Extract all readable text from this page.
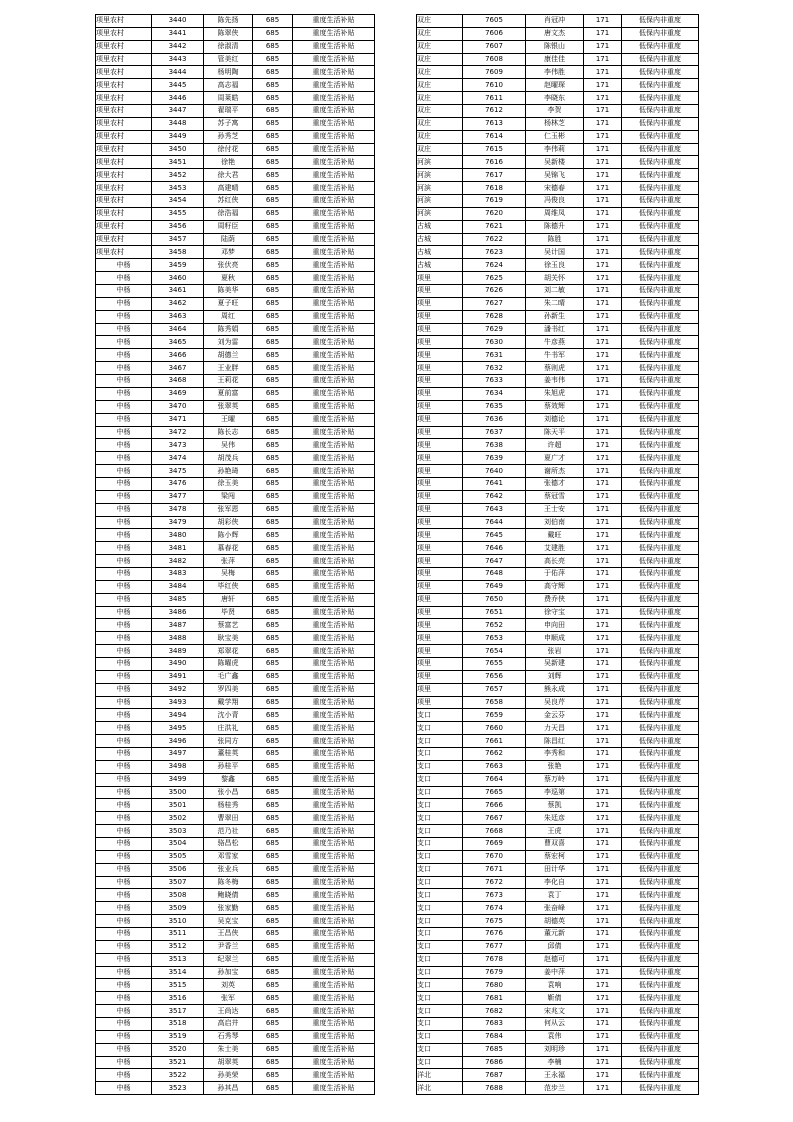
项里农村	3440	陈先扬	685	重度生活补贴
项里农村	3441	陈翠侠	685	重度生活补贴
项里农村	3442	徐淑清	685	重度生活补贴
项里农村	3443	管美红	685	重度生活补贴
项里农村	3444	杨明陶	685	重度生活补贴
项里农村	3445	高志福	685	重度生活补贴
项里农村	3446	周莱皓	685	重度生活补贴
项里农村	3447	翟瑞平	685	重度生活补贴
项里农村	3448	苏子寓	685	重度生活补贴
项里农村	3449	孙秀芝	685	重度生活补贴
项里农村	3450	徐付花	685	重度生活补贴
项里农村	3451	徐艳	685	重度生活补贴
项里农村	3452	徐大君	685	重度生活补贴
项里农村	3453	高建晴	685	重度生活补贴
项里农村	3454	苏红侠	685	重度生活补贴
项里农村	3455	徐浩福	685	重度生活补贴
项里农村	3456	周籽臣	685	重度生活补贴
项里农村	3457	陆荫	685	重度生活补贴
项里农村	3458	邓梦	685	重度生活补贴
中杨	3459	张伏亮	685	重度生活补贴
中杨	3460	夏秋	685	重度生活补贴
中杨	3461	陈美华	685	重度生活补贴
中杨	3462	夏子旺	685	重度生活补贴
中杨	3463	周红	685	重度生活补贴
中杨	3464	陈秀娟	685	重度生活补贴
中杨	3465	刘为雷	685	重度生活补贴
中杨	3466	胡德兰	685	重度生活补贴
中杨	3467	王业胖	685	重度生活补贴
中杨	3468	王莉花	685	重度生活补贴
中杨	3469	夏前富	685	重度生活补贴
中杨	3470	张翠英	685	重度生活补贴
中杨	3471	王曜	685	重度生活补贴
中杨	3472	陈长志	685	重度生活补贴
中杨	3473	吴伟	685	重度生活补贴
中杨	3474	胡茂兵	685	重度生活补贴
中杨	3475	孙艳琦	685	重度生活补贴
中杨	3476	徐玉美	685	重度生活补贴
中杨	3477	梁闯	685	重度生活补贴
中杨	3478	张军恩	685	重度生活补贴
中杨	3479	胡彩侠	685	重度生活补贴
中杨	3480	陈小辉	685	重度生活补贴
中杨	3481	慕春花	685	重度生活补贴
中杨	3482	张萍	685	重度生活补贴
中杨	3483	吴梅	685	重度生活补贴
中杨	3484	毕红侠	685	重度生活补贴
中杨	3485	唐轩	685	重度生活补贴
中杨	3486	毕贤	685	重度生活补贴
中杨	3487	蔡富艺	685	重度生活补贴
中杨	3488	耿宝美	685	重度生活补贴
中杨	3489	郑翠花	685	重度生活补贴
中杨	3490	陈曜虎	685	重度生活补贴
中杨	3491	毛广鑫	685	重度生活补贴
中杨	3492	罗四美	685	重度生活补贴
中杨	3493	戴学翔	685	重度生活补贴
中杨	3494	沈小青	685	重度生活补贴
中杨	3495	庄洪礼	685	重度生活补贴
中杨	3496	张同方	685	重度生活补贴
中杨	3497	董桂英	685	重度生活补贴
中杨	3498	孙桂平	685	重度生活补贴
中杨	3499	黎鑫	685	重度生活补贴
中杨	3500	张小昌	685	重度生活补贴
中杨	3501	杨桂秀	685	重度生活补贴
中杨	3502	曹翠田	685	重度生活补贴
中杨	3503	范乃社	685	重度生活补贴
中杨	3504	骆昌松	685	重度生活补贴
中杨	3505	邓雪家	685	重度生活补贴
中杨	3506	张业兵	685	重度生活补贴
中杨	3507	陈冬梅	685	重度生活补贴
中杨	3508	鲍晓倩	685	重度生活补贴
中杨	3509	张家勤	685	重度生活补贴
中杨	3510	吴克宝	685	重度生活补贴
中杨	3511	王昌侠	685	重度生活补贴
中杨	3512	尹香兰	685	重度生活补贴
中杨	3513	纪翠兰	685	重度生活补贴
中杨	3514	孙加宝	685	重度生活补贴
中杨	3515	刘英	685	重度生活补贴
中杨	3516	张军	685	重度生活补贴
中杨	3517	王尚达	685	重度生活补贴
中杨	3518	高启井	685	重度生活补贴
中杨	3519	石秀琴	685	重度生活补贴
中杨	3520	朱士美	685	重度生活补贴
中杨	3521	胡翠英	685	重度生活补贴
中杨	3522	孙美荣	685	重度生活补贴
中杨	3523	孙其昌	685	重度生活补贴
双庄	7605	肖冠冲	171	低保内非重度
双庄	7606	唐文杰	171	低保内非重度
双庄	7607	陈银山	171	低保内非重度
双庄	7608	康佳佳	171	低保内非重度
双庄	7609	李伟胜	171	低保内非重度
双庄	7610	赵曜琛	171	低保内非重度
双庄	7611	李晓东	171	低保内非重度
双庄	7612	李贺	171	低保内非重度
双庄	7613	杨林芝	171	低保内非重度
双庄	7614	仁玉彬	171	低保内非重度
双庄	7615	李伟莉	171	低保内非重度
河滨	7616	吴新楼	171	低保内非重度
河滨	7617	吴锦飞	171	低保内非重度
河滨	7618	宋德春	171	低保内非重度
河滨	7619	冯俊良	171	低保内非重度
河滨	7620	周维凤	171	低保内非重度
古城	7621	陈德升	171	低保内非重度
古城	7622	陈胜	171	低保内非重度
古城	7623	吴计国	171	低保内非重度
古城	7624	徐玉良	171	低保内非重度
项里	7625	胡关怀	171	低保内非重度
项里	7626	刘二敏	171	低保内非重度
项里	7627	朱二晴	171	低保内非重度
项里	7628	孙新生	171	低保内非重度
项里	7629	潘书红	171	低保内非重度
项里	7630	牛彦燕	171	低保内非重度
项里	7631	牛书军	171	低保内非重度
项里	7632	蔡则虎	171	低保内非重度
项里	7633	姜韦伟	171	低保内非重度
项里	7634	朱旭虎	171	低保内非重度
项里	7635	蔡效辉	171	低保内非重度
项里	7636	刘德论	171	低保内非重度
项里	7637	陈天平	171	低保内非重度
项里	7638	许超	171	低保内非重度
项里	7639	夏广才	171	低保内非重度
项里	7640	谢所杰	171	低保内非重度
项里	7641	张德才	171	低保内非重度
项里	7642	蔡冠雪	171	低保内非重度
项里	7643	王士安	171	低保内非重度
项里	7644	刘伯南	171	低保内非重度
项里	7645	戴旺	171	低保内非重度
项里	7646	艾建胜	171	低保内非重度
项里	7647	高长亮	171	低保内非重度
项里	7648	于佑萍	171	低保内非重度
项里	7649	高守辉	171	低保内非重度
项里	7650	费乔侠	171	低保内非重度
项里	7651	徐守宝	171	低保内非重度
项里	7652	申向田	171	低保内非重度
项里	7653	申顺成	171	低保内非重度
项里	7654	张岩	171	低保内非重度
项里	7655	吴新建	171	低保内非重度
项里	7656	刘辉	171	低保内非重度
项里	7657	熊永成	171	低保内非重度
项里	7658	吴良芹	171	低保内非重度
支口	7659	金云芬	171	低保内非重度
支口	7660	力天昌	171	低保内非重度
支口	7661	陈昌红	171	低保内非重度
支口	7662	李秀和	171	低保内非重度
支口	7663	张艳	171	低保内非重度
支口	7664	蔡万岭	171	低保内非重度
支口	7665	李巡第	171	低保内非重度
支口	7666	蔡凯	171	低保内非重度
支口	7667	朱廷彦	171	低保内非重度
支口	7668	王虎	171	低保内非重度
支口	7669	曹双喜	171	低保内非重度
支口	7670	蔡宏柯	171	低保内非重度
支口	7671	田计华	171	低保内非重度
支口	7672	李化自	171	低保内非重度
支口	7673	袁丁	171	低保内非重度
支口	7674	张奋峰	171	低保内非重度
支口	7675	胡德英	171	低保内非重度
支口	7676	董元新	171	低保内非重度
支口	7677	邱倩	171	低保内非重度
支口	7678	赵德可	171	低保内非重度
支口	7679	姜中萍	171	低保内非重度
支口	7680	袁响	171	低保内非重度
支口	7681	靳倩	171	低保内非重度
支口	7682	宋兆文	171	低保内非重度
支口	7683	何从云	171	低保内非重度
支口	7684	袁伟	171	低保内非重度
支口	7685	刘明珍	171	低保内非重度
支口	7686	李楠	171	低保内非重度
洋北	7687	王永福	171	低保内非重度
洋北	7688	范步兰	171	低保内非重度
